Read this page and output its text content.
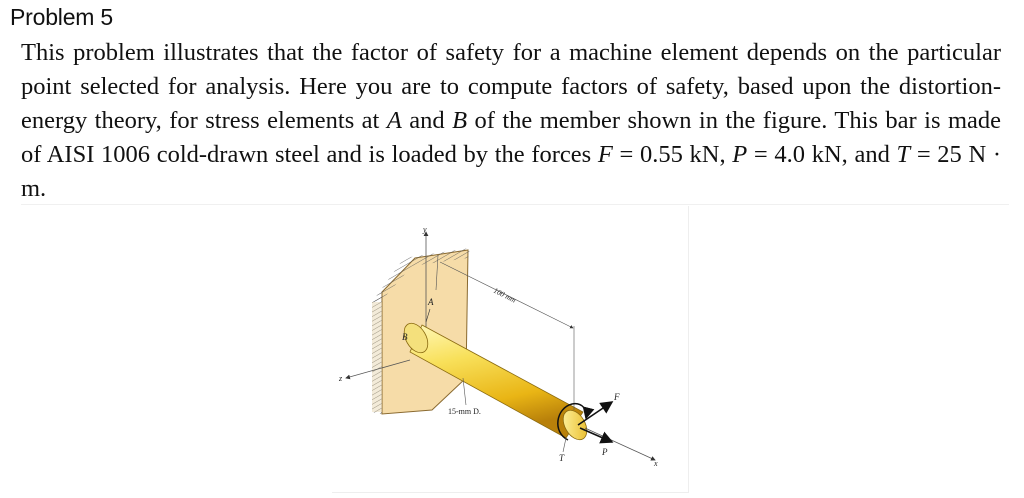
Problem 5
This problem illustrates that the factor of safety for a machine element depends on the particular point selected for analysis. Here you are to compute factors of safety, based upon the distortion-energy theory, for stress elements at A and B of the member shown in the figure. This bar is made of AISI 1006 cold-drawn steel and is loaded by the forces F = 0.55 kN, P = 4.0 kN, and T = 25 N · m.
y
z
A
B
100 mm
15-mm D.
x
F
P
T
